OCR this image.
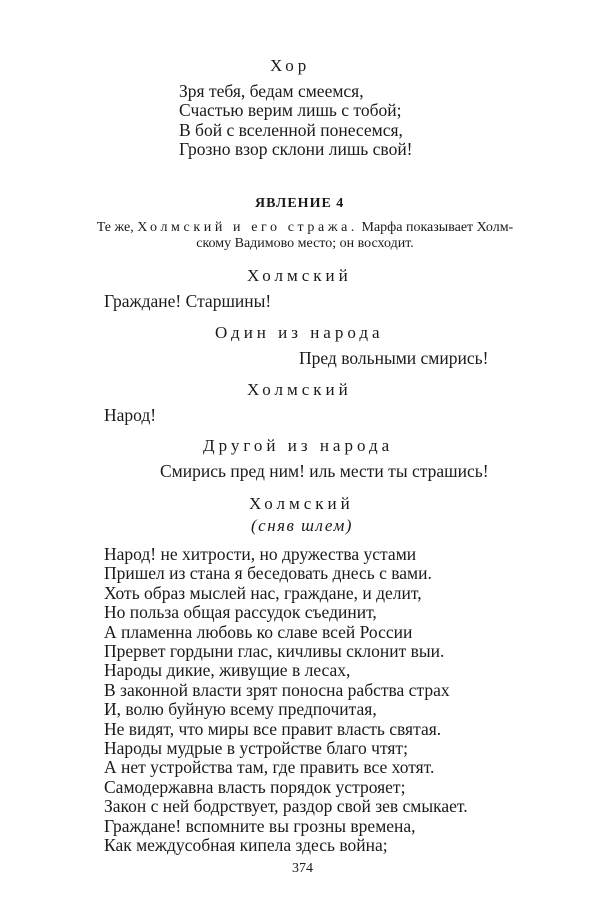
Хор
Зря тебя, бедам смеемся,
Счастью верим лишь с тобой;
В бой с вселенной понесемся,
Грозно взор склони лишь свой!
ЯВЛЕНИЕ 4
Те же, Холмский и его стража. Марфа показывает Холм-
скому Вадимово место; он восходит.
Холмский
Граждане! Старшины!
Один из народа
Пред вольными смирись!
Холмский
Народ!
Другой из народа
Смирись пред ним! иль мести ты страшись!
Холмский
(сняв шлем)
Народ! не хитрости, но дружества устами
Пришел из стана я беседовать днесь с вами.
Хоть образ мыслей нас, граждане, и делит,
Но польза общая рассудок съединит,
А пламенна любовь ко славе всей России
Прервет гордыни глас, кичливы склонит выи.
Народы дикие, живущие в лесах,
В законной власти зрят поносна рабства страх
И, волю буйную всему предпочитая,
Не видят, что миры все правит власть святая.
Народы мудрые в устройстве благо чтят;
А нет устройства там, где править все хотят.
Самодержавна власть порядок устрояет;
Закон с ней бодрствует, раздор свой зев смыкает.
Граждане! вспомните вы грозны времена,
Как междусобная кипела здесь война;
374
